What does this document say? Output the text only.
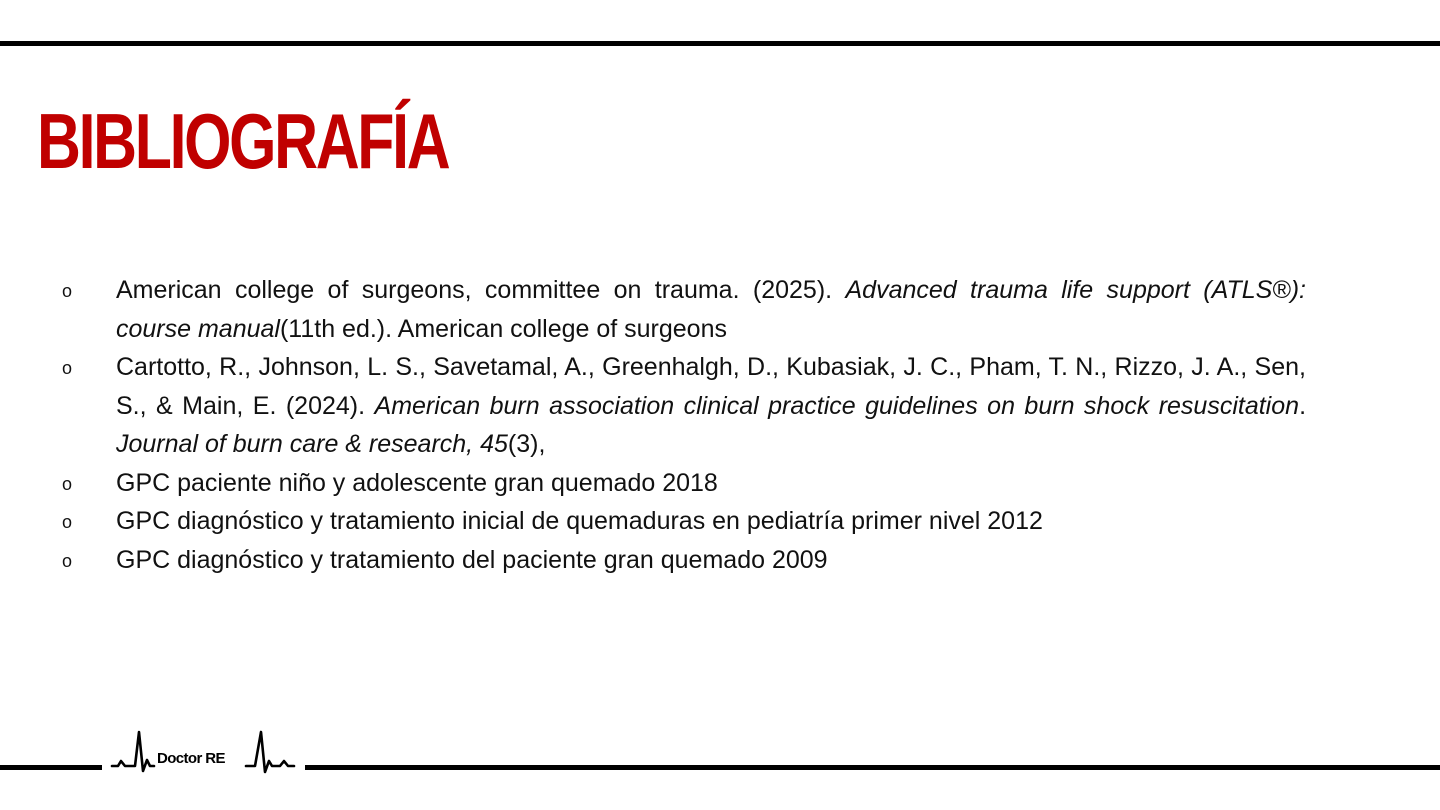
BIBLIOGRAFÍA
o American college of surgeons, committee on trauma. (2025). Advanced trauma life support (ATLS®): course manual(11th ed.). American college of surgeons
o Cartotto, R., Johnson, L. S., Savetamal, A., Greenhalgh, D., Kubasiak, J. C., Pham, T. N., Rizzo, J. A., Sen, S., & Main, E. (2024). American burn association clinical practice guidelines on burn shock resuscitation. Journal of burn care & research, 45(3),
o GPC paciente niño y adolescente gran quemado 2018
o GPC diagnóstico y tratamiento inicial de quemaduras en pediatría primer nivel 2012
o GPC diagnóstico y tratamiento del paciente gran quemado 2009
Doctor RE
